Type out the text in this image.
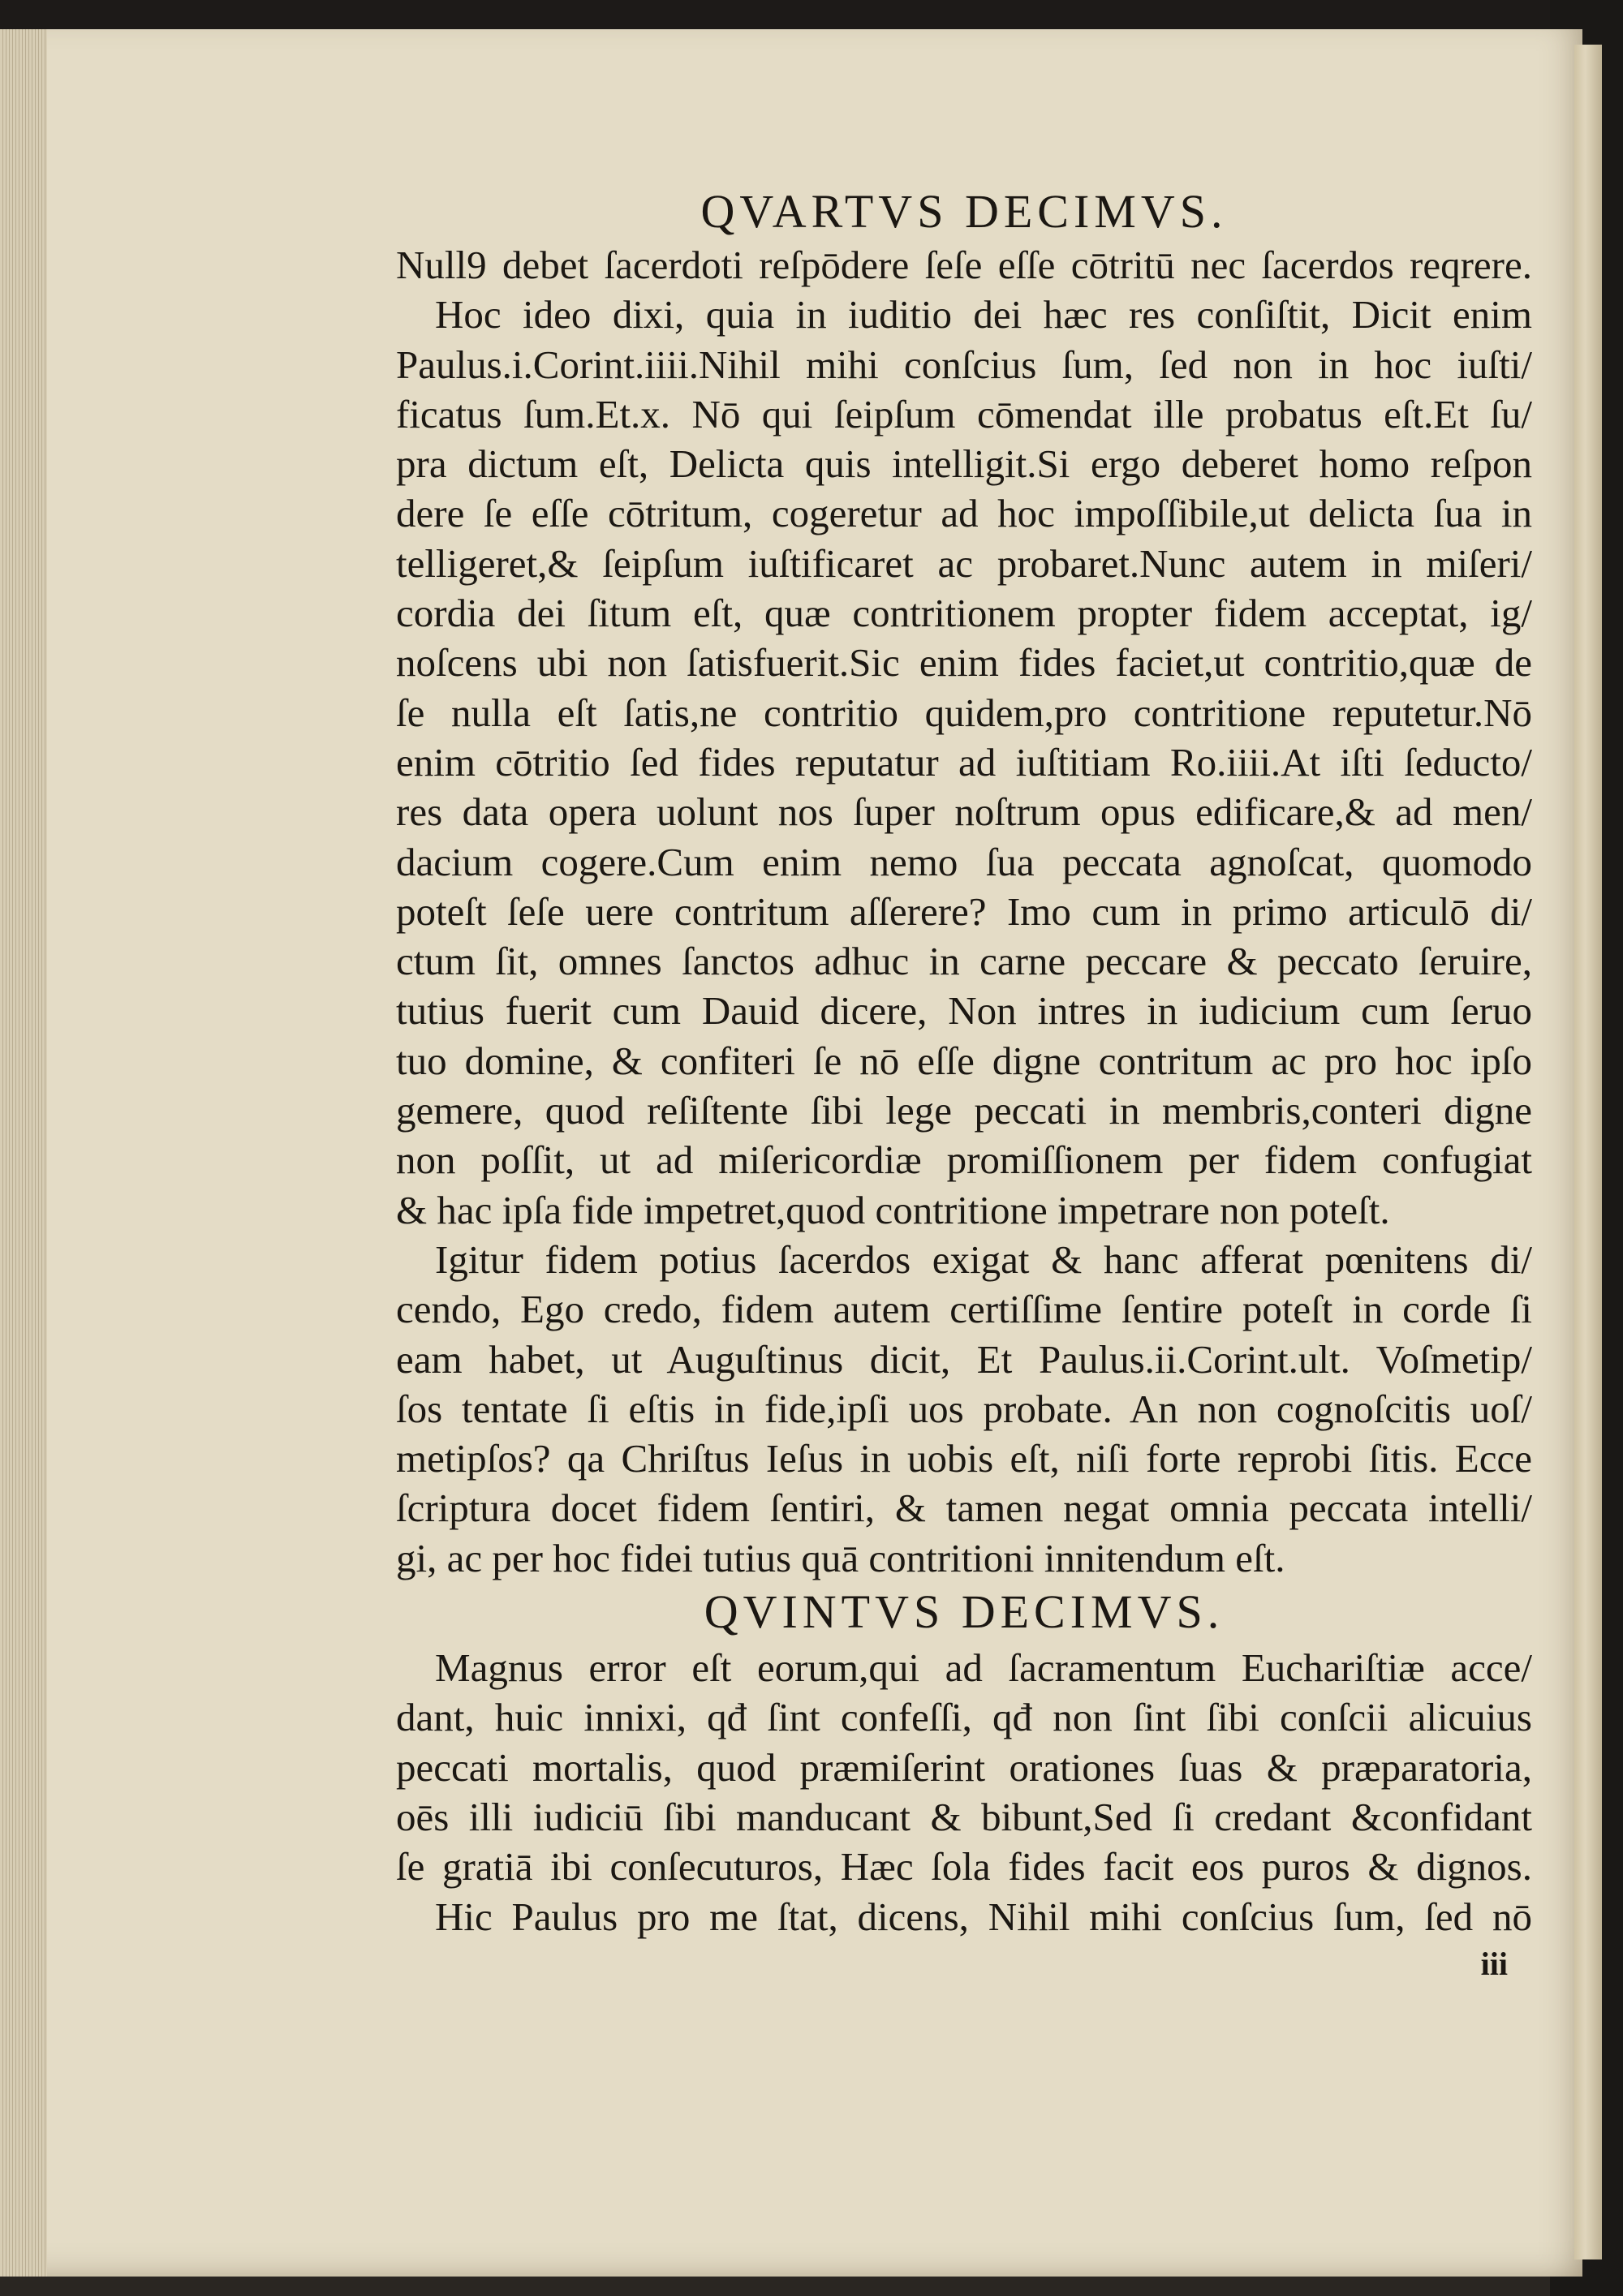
QVARTVS DECIMVS.
Null9 debet ſacerdoti reſpōdere ſeſe eſſe cōtritū nec ſacerdos reqrere.
Hoc ideo dixi, quia in iuditio dei hæc res conſiſtit, Dicit enim
Paulus.i.Corint.iiii.Nihil mihi conſcius ſum, ſed non in hoc iuſti/
ficatus ſum.Et.x. Nō qui ſeipſum cōmendat ille probatus eſt.Et ſu/
pra dictum eſt, Delicta quis intelligit.Si ergo deberet homo reſpon
dere ſe eſſe cōtritum, cogeretur ad hoc impoſſibile,ut delicta ſua in
telligeret,& ſeipſum iuſtificaret ac probaret.Nunc autem in miſeri/
cordia dei ſitum eſt, quæ contritionem propter fidem acceptat, ig/
noſcens ubi non ſatisfuerit.Sic enim fides faciet,ut contritio,quæ de
ſe nulla eſt ſatis,ne contritio quidem,pro contritione reputetur.Nō
enim cōtritio ſed fides reputatur ad iuſtitiam Ro.iiii.At iſti ſeducto/
res data opera uolunt nos ſuper noſtrum opus edificare,& ad men/
dacium cogere.Cum enim nemo ſua peccata agnoſcat, quomodo
poteſt ſeſe uere contritum aſſerere? Imo cum in primo articulō di/
ctum ſit, omnes ſanctos adhuc in carne peccare & peccato ſeruire,
tutius fuerit cum Dauid dicere, Non intres in iudicium cum ſeruo
tuo domine, & confiteri ſe nō eſſe digne contritum ac pro hoc ipſo
gemere, quod reſiſtente ſibi lege peccati in membris,conteri digne
non poſſit, ut ad miſericordiæ promiſſionem per fidem confugiat
& hac ipſa fide impetret,quod contritione impetrare non poteſt.
Igitur fidem potius ſacerdos exigat & hanc afferat pœnitens di/
cendo, Ego credo, fidem autem certiſſime ſentire poteſt in corde ſi
eam habet, ut Auguſtinus dicit, Et Paulus.ii.Corint.ult. Voſmetip/
ſos tentate ſi eſtis in fide,ipſi uos probate. An non cognoſcitis uoſ/
metipſos? qa Chriſtus Ieſus in uobis eſt, niſi forte reprobi ſitis. Ecce
ſcriptura docet fidem ſentiri, & tamen negat omnia peccata intelli/
gi, ac per hoc fidei tutius quā contritioni innitendum eſt.
QVINTVS DECIMVS.
Magnus error eſt eorum,qui ad ſacramentum Euchariſtiæ acce/
dant, huic innixi, qđ ſint confeſſi, qđ non ſint ſibi conſcii alicuius
peccati mortalis, quod præmiſerint orationes ſuas & præparatoria,
oēs illi iudiciū ſibi manducant & bibunt,Sed ſi credant &confidant
ſe gratiā ibi conſecuturos, Hæc ſola fides facit eos puros & dignos.
Hic Paulus pro me ſtat, dicens, Nihil mihi conſcius ſum, ſed nō
iii
